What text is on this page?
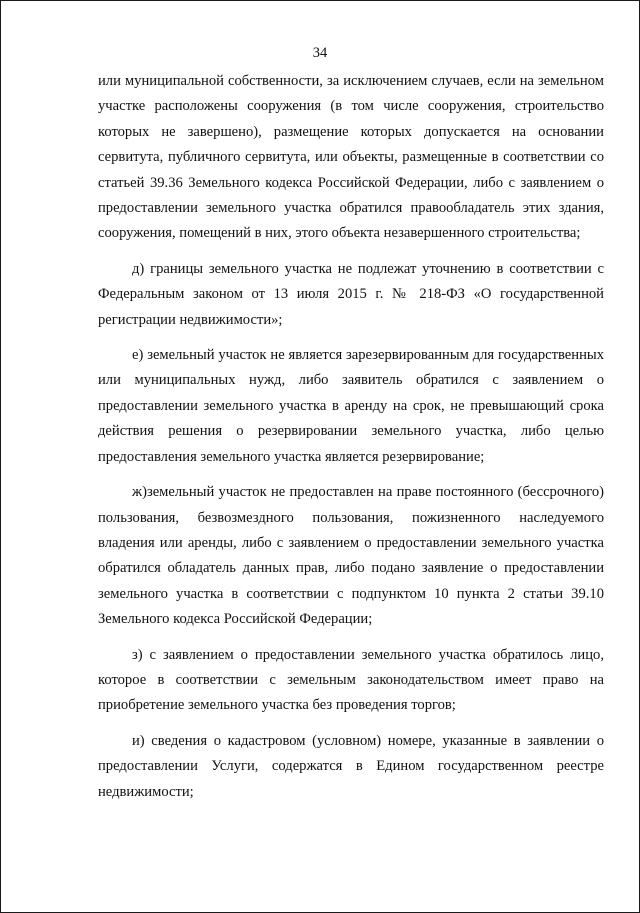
34

или муниципальной собственности, за исключением случаев, если на земельном участке расположены сооружения (в том числе сооружения, строительство которых не завершено), размещение которых допускается на основании сервитута, публичного сервитута, или объекты, размещенные в соответствии со статьей 39.36 Земельного кодекса Российской Федерации, либо с заявлением о предоставлении земельного участка обратился правообладатель этих здания, сооружения, помещений в них, этого объекта незавершенного строительства;

д) границы земельного участка не подлежат уточнению в соответствии с Федеральным законом от 13 июля 2015 г. № 218-ФЗ «О государственной регистрации недвижимости»;

е) земельный участок не является зарезервированным для государственных или муниципальных нужд, либо заявитель обратился с заявлением о предоставлении земельного участка в аренду на срок, не превышающий срока действия решения о резервировании земельного участка, либо целью предоставления земельного участка является резервирование;

ж)земельный участок не предоставлен на праве постоянного (бессрочного) пользования, безвозмездного пользования, пожизненного наследуемого владения или аренды, либо с заявлением о предоставлении земельного участка обратился обладатель данных прав, либо подано заявление о предоставлении земельного участка в соответствии с подпунктом 10 пункта 2 статьи 39.10 Земельного кодекса Российской Федерации;

з) с заявлением о предоставлении земельного участка обратилось лицо, которое в соответствии с земельным законодательством имеет право на приобретение земельного участка без проведения торгов;

и) сведения о кадастровом (условном) номере, указанные в заявлении о предоставлении Услуги, содержатся в Едином государственном реестре недвижимости;
